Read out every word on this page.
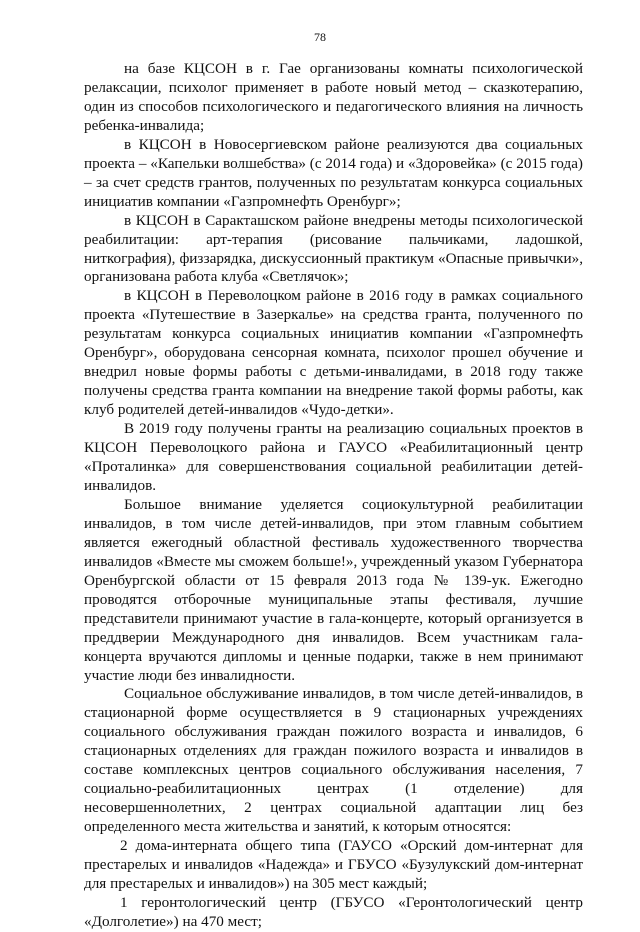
78

на базе КЦСОН в г. Гае организованы комнаты психологической релаксации, психолог применяет в работе новый метод – сказкотерапию, один из способов психологического и педагогического влияния на личность ребенка-инвалида;

в КЦСОН в Новосергиевском районе реализуются два социальных проекта – «Капельки волшебства» (с 2014 года) и «Здоровейка» (с 2015 года) – за счет средств грантов, полученных по результатам конкурса социальных инициатив компании «Газпромнефть Оренбург»;

в КЦСОН в Саракташском районе внедрены методы психологической реабилитации: арт-терапия (рисование пальчиками, ладошкой, ниткография), физзарядка, дискуссионный практикум «Опасные привычки», организована работа клуба «Светлячок»;

в КЦСОН в Переволоцком районе в 2016 году в рамках социального проекта «Путешествие в Зазеркалье» на средства гранта, полученного по результатам конкурса социальных инициатив компании «Газпромнефть Оренбург», оборудована сенсорная комната, психолог прошел обучение и внедрил новые формы работы с детьми-инвалидами, в 2018 году также получены средства гранта компании на внедрение такой формы работы, как клуб родителей детей-инвалидов «Чудо-детки».

В 2019 году получены гранты на реализацию социальных проектов в КЦСОН Переволоцкого района и ГАУСО «Реабилитационный центр «Проталинка» для совершенствования социальной реабилитации детей-инвалидов.

Большое внимание уделяется социокультурной реабилитации инвалидов, в том числе детей-инвалидов, при этом главным событием является ежегодный областной фестиваль художественного творчества инвалидов «Вместе мы сможем больше!», учрежденный указом Губернатора Оренбургской области от 15 февраля 2013 года № 139-ук. Ежегодно проводятся отборочные муниципальные этапы фестиваля, лучшие представители принимают участие в гала-концерте, который организуется в преддверии Международного дня инвалидов. Всем участникам гала-концерта вручаются дипломы и ценные подарки, также в нем принимают участие люди без инвалидности.

Социальное обслуживание инвалидов, в том числе детей-инвалидов, в стационарной форме осуществляется в 9 стационарных учреждениях социального обслуживания граждан пожилого возраста и инвалидов, 6 стационарных отделениях для граждан пожилого возраста и инвалидов в составе комплексных центров социального обслуживания населения, 7 социально-реабилитационных центрах (1 отделение) для несовершеннолетних, 2 центрах социальной адаптации лиц без определенного места жительства и занятий, к которым относятся:

2 дома-интерната общего типа (ГАУСО «Орский дом-интернат для престарелых и инвалидов «Надежда» и ГБУСО «Бузулукский дом-интернат для престарелых и инвалидов») на 305 мест каждый;

1 геронтологический центр (ГБУСО «Геронтологический центр «Долголетие») на 470 мест;
